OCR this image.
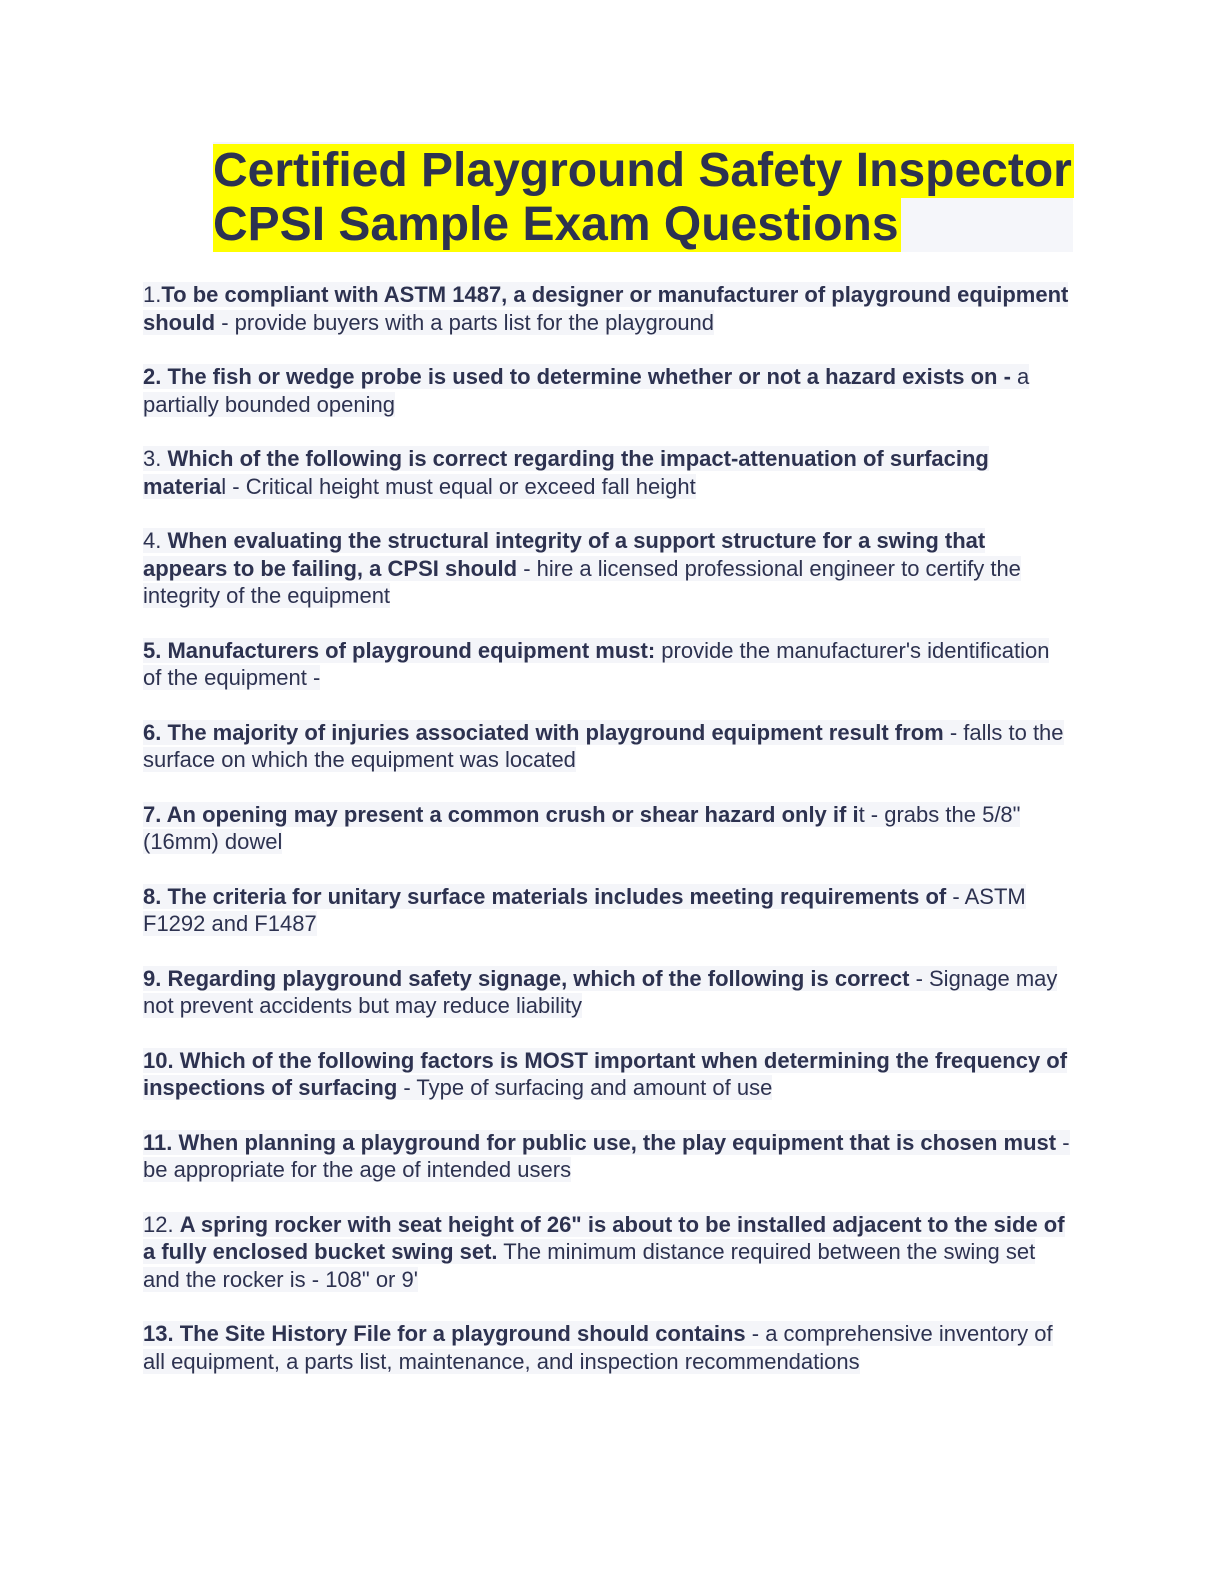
Certified Playground Safety Inspector
CPSI Sample Exam Questions

1.To be compliant with ASTM 1487, a designer or manufacturer of playground equipment should - provide buyers with a parts list for the playground

2. The fish or wedge probe is used to determine whether or not a hazard exists on - a partially bounded opening

3. Which of the following is correct regarding the impact-attenuation of surfacing material - Critical height must equal or exceed fall height

4. When evaluating the structural integrity of a support structure for a swing that appears to be failing, a CPSI should - hire a licensed professional engineer to certify the integrity of the equipment

5. Manufacturers of playground equipment must: provide the manufacturer's identification of the equipment -

6. The majority of injuries associated with playground equipment result from - falls to the surface on which the equipment was located

7. An opening may present a common crush or shear hazard only if it - grabs the 5/8" (16mm) dowel

8. The criteria for unitary surface materials includes meeting requirements of - ASTM F1292 and F1487

9. Regarding playground safety signage, which of the following is correct - Signage may not prevent accidents but may reduce liability

10. Which of the following factors is MOST important when determining the frequency of inspections of surfacing - Type of surfacing and amount of use

11. When planning a playground for public use, the play equipment that is chosen must - be appropriate for the age of intended users

12. A spring rocker with seat height of 26" is about to be installed adjacent to the side of a fully enclosed bucket swing set. The minimum distance required between the swing set and the rocker is - 108" or 9'

13. The Site History File for a playground should contains - a comprehensive inventory of all equipment, a parts list, maintenance, and inspection recommendations
